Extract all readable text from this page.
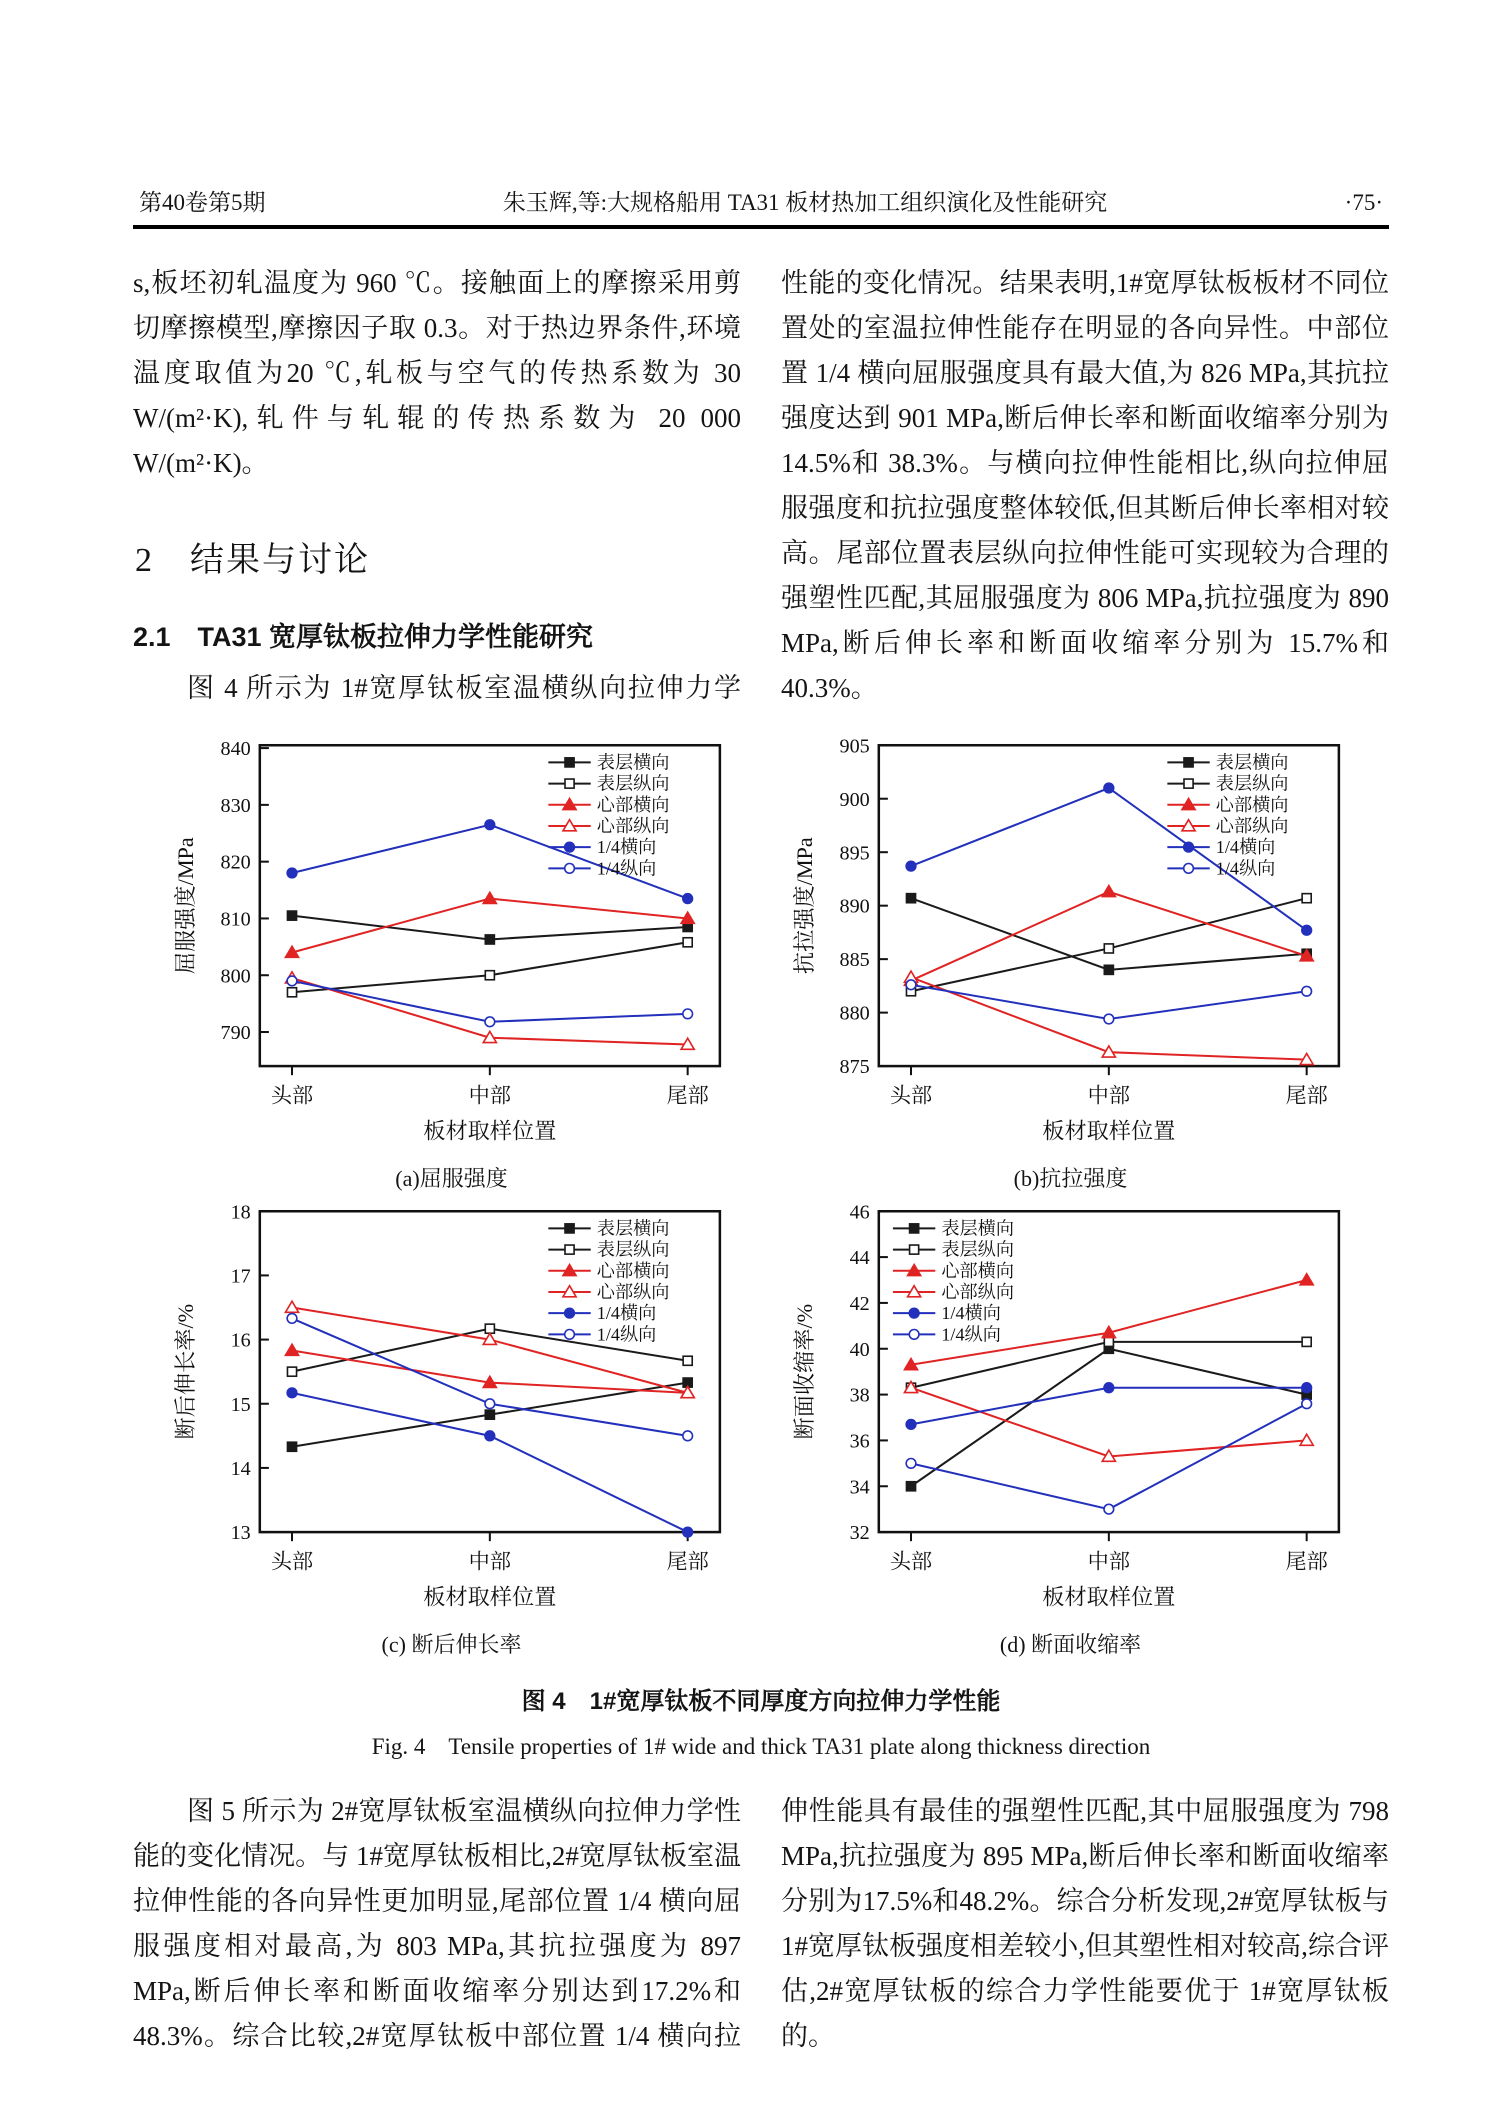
第40卷第5期	朱玉辉,等:大规格船用 TA31 板材热加工组织演化及性能研究	·75·

s,板坯初轧温度为 960 ℃。接触面上的摩擦采用剪切摩擦模型,摩擦因子取 0.3。对于热边界条件,环境温度取值为20 ℃,轧板与空气的传热系数为 30 W/(m²·K),轧件与轧辊的传热系数为 20 000 W/(m²·K)。

2　结果与讨论
2.1　TA31 宽厚钛板拉伸力学性能研究

图 4 所示为 1#宽厚钛板室温横纵向拉伸力学

性能的变化情况。结果表明,1#宽厚钛板板材不同位置处的室温拉伸性能存在明显的各向异性。中部位置 1/4 横向屈服强度具有最大值,为 826 MPa,其抗拉强度达到 901 MPa,断后伸长率和断面收缩率分别为 14.5%和 38.3%。与横向拉伸性能相比,纵向拉伸屈服强度和抗拉强度整体较低,但其断后伸长率相对较高。尾部位置表层纵向拉伸性能可实现较为合理的强塑性匹配,其屈服强度为 806 MPa,抗拉强度为 890 MPa,断后伸长率和断面收缩率分别为 15.7%和 40.3%。

790
800
810
820
830
840
头部	中部	尾部
板材取样位置
屈服强度/MPa
表层横向
表层纵向
心部横向
心部纵向
1/4横向
1/4纵向
(a)屈服强度
875
880
885
890
895
900
905
头部	中部	尾部
板材取样位置
抗拉强度/MPa
表层横向
表层纵向
心部横向
心部纵向
1/4横向
1/4纵向
(b)抗拉强度
13
14
15
16
17
18
头部	中部	尾部
板材取样位置
断后伸长率/%
表层横向
表层纵向
心部横向
心部纵向
1/4横向
1/4纵向
(c) 断后伸长率
32
34
36
38
40
42
44
46
头部	中部	尾部
板材取样位置
断面收缩率/%
表层横向
表层纵向
心部横向
心部纵向
1/4横向
1/4纵向
(d) 断面收缩率
图 4　1#宽厚钛板不同厚度方向拉伸力学性能
Fig. 4　Tensile properties of 1# wide and thick TA31 plate along thickness direction

图 5 所示为 2#宽厚钛板室温横纵向拉伸力学性能的变化情况。与 1#宽厚钛板相比,2#宽厚钛板室温拉伸性能的各向异性更加明显,尾部位置 1/4 横向屈服强度相对最高,为 803 MPa,其抗拉强度为 897 MPa,断后伸长率和断面收缩率分别达到17.2%和48.3%。综合比较,2#宽厚钛板中部位置 1/4 横向拉

伸性能具有最佳的强塑性匹配,其中屈服强度为 798 MPa,抗拉强度为 895 MPa,断后伸长率和断面收缩率分别为17.5%和48.2%。综合分析发现,2#宽厚钛板与 1#宽厚钛板强度相差较小,但其塑性相对较高,综合评估,2#宽厚钛板的综合力学性能要优于 1#宽厚钛板的。
